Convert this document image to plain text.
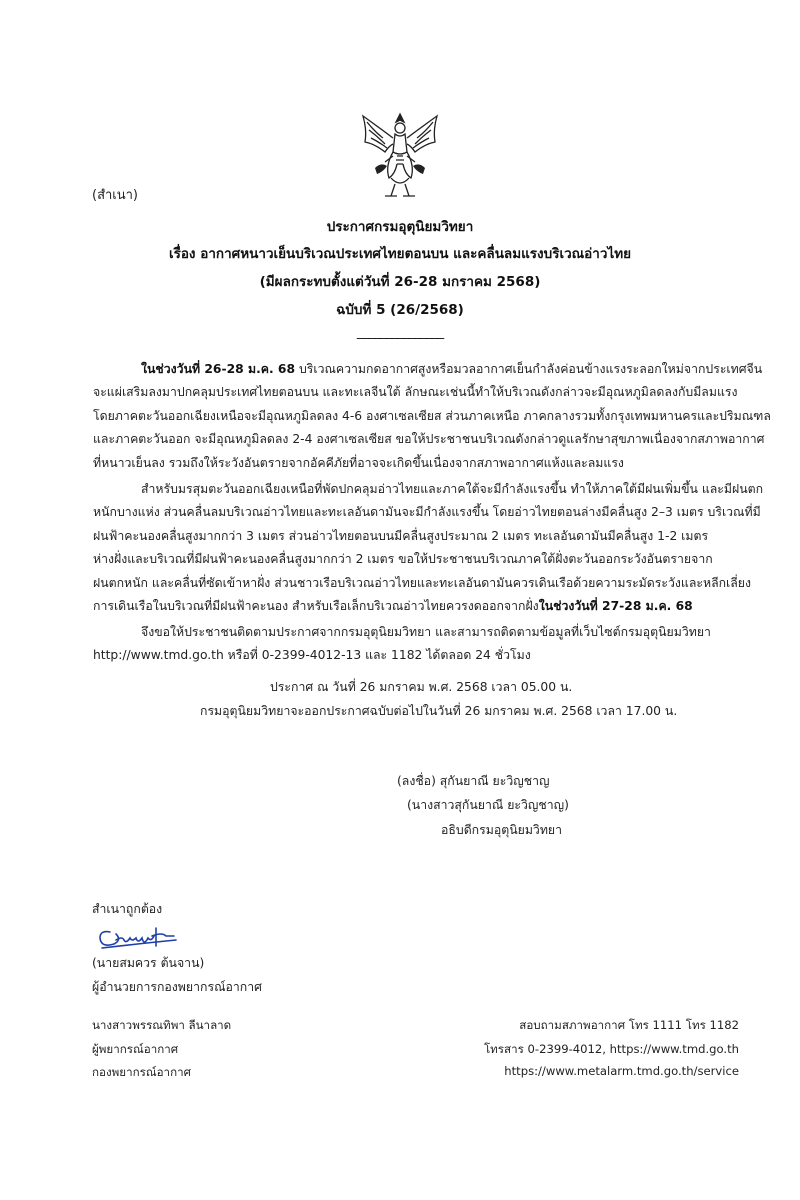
(สำเนา)
ประกาศกรมอุตุนิยมวิทยา
เรื่อง อากาศหนาวเย็นบริเวณประเทศไทยตอนบน และคลื่นลมแรงบริเวณอ่าวไทย
(มีผลกระทบตั้งแต่วันที่ 26-28 มกราคม 2568)
ฉบับที่ 5 (26/2568)
_______________

ในช่วงวันที่ 26-28 ม.ค. 68 บริเวณความกดอากาศสูงหรือมวลอากาศเย็นกำลังค่อนข้างแรงระลอกใหม่จากประเทศจีน

จะแผ่เสริมลงมาปกคลุมประเทศไทยตอนบน และทะเลจีนใต้ ลักษณะเช่นนี้ทำให้บริเวณดังกล่าวจะมีอุณหภูมิลดลงกับมีลมแรง

โดยภาคตะวันออกเฉียงเหนือจะมีอุณหภูมิลดลง 4-6 องศาเซลเซียส ส่วนภาคเหนือ ภาคกลางรวมทั้งกรุงเทพมหานครและปริมณฑล

และภาคตะวันออก จะมีอุณหภูมิลดลง 2-4 องศาเซลเซียส ขอให้ประชาชนบริเวณดังกล่าวดูแลรักษาสุขภาพเนื่องจากสภาพอากาศ

ที่หนาวเย็นลง รวมถึงให้ระวังอันตรายจากอัคคีภัยที่อาจจะเกิดขึ้นเนื่องจากสภาพอากาศแห้งและลมแรง

สำหรับมรสุมตะวันออกเฉียงเหนือที่พัดปกคลุมอ่าวไทยและภาคใต้จะมีกำลังแรงขึ้น ทำให้ภาคใต้มีฝนเพิ่มขึ้น และมีฝนตก

หนักบางแห่ง ส่วนคลื่นลมบริเวณอ่าวไทยและทะเลอันดามันจะมีกำลังแรงขึ้น โดยอ่าวไทยตอนล่างมีคลื่นสูง 2–3 เมตร บริเวณที่มี

ฝนฟ้าคะนองคลื่นสูงมากกว่า 3 เมตร ส่วนอ่าวไทยตอนบนมีคลื่นสูงประมาณ 2 เมตร ทะเลอันดามันมีคลื่นสูง 1-2 เมตร

ห่างฝั่งและบริเวณที่มีฝนฟ้าคะนองคลื่นสูงมากกว่า 2 เมตร ขอให้ประชาชนบริเวณภาคใต้ฝั่งตะวันออกระวังอันตรายจาก

ฝนตกหนัก และคลื่นที่ซัดเข้าหาฝั่ง ส่วนชาวเรือบริเวณอ่าวไทยและทะเลอันดามันควรเดินเรือด้วยความระมัดระวังและหลีกเลี่ยง

การเดินเรือในบริเวณที่มีฝนฟ้าคะนอง สำหรับเรือเล็กบริเวณอ่าวไทยควรงดออกจากฝั่งในช่วงวันที่ 27-28 ม.ค. 68

จึงขอให้ประชาชนติดตามประกาศจากกรมอุตุนิยมวิทยา และสามารถติดตามข้อมูลที่เว็บไซต์กรมอุตุนิยมวิทยา

http://www.tmd.go.th หรือที่ 0-2399-4012-13 และ 1182 ได้ตลอด 24 ชั่วโมง

ประกาศ ณ วันที่ 26 มกราคม พ.ศ. 2568 เวลา 05.00 น.
กรมอุตุนิยมวิทยาจะออกประกาศฉบับต่อไปในวันที่ 26 มกราคม พ.ศ. 2568 เวลา 17.00 น.
(ลงชื่อ) สุกันยาณี ยะวิญชาญ
(นางสาวสุกันยาณี ยะวิญชาญ)
อธิบดีกรมอุตุนิยมวิทยา
สำเนาถูกต้อง
(นายสมควร ต้นจาน)
ผู้อำนวยการกองพยากรณ์อากาศ
นางสาวพรรณทิพา ลีนาลาด
ผู้พยากรณ์อากาศ
กองพยากรณ์อากาศ
สอบถามสภาพอากาศ โทร 1111 โทร 1182
โทรสาร 0-2399-4012, https://www.tmd.go.th
https://www.metalarm.tmd.go.th/service
